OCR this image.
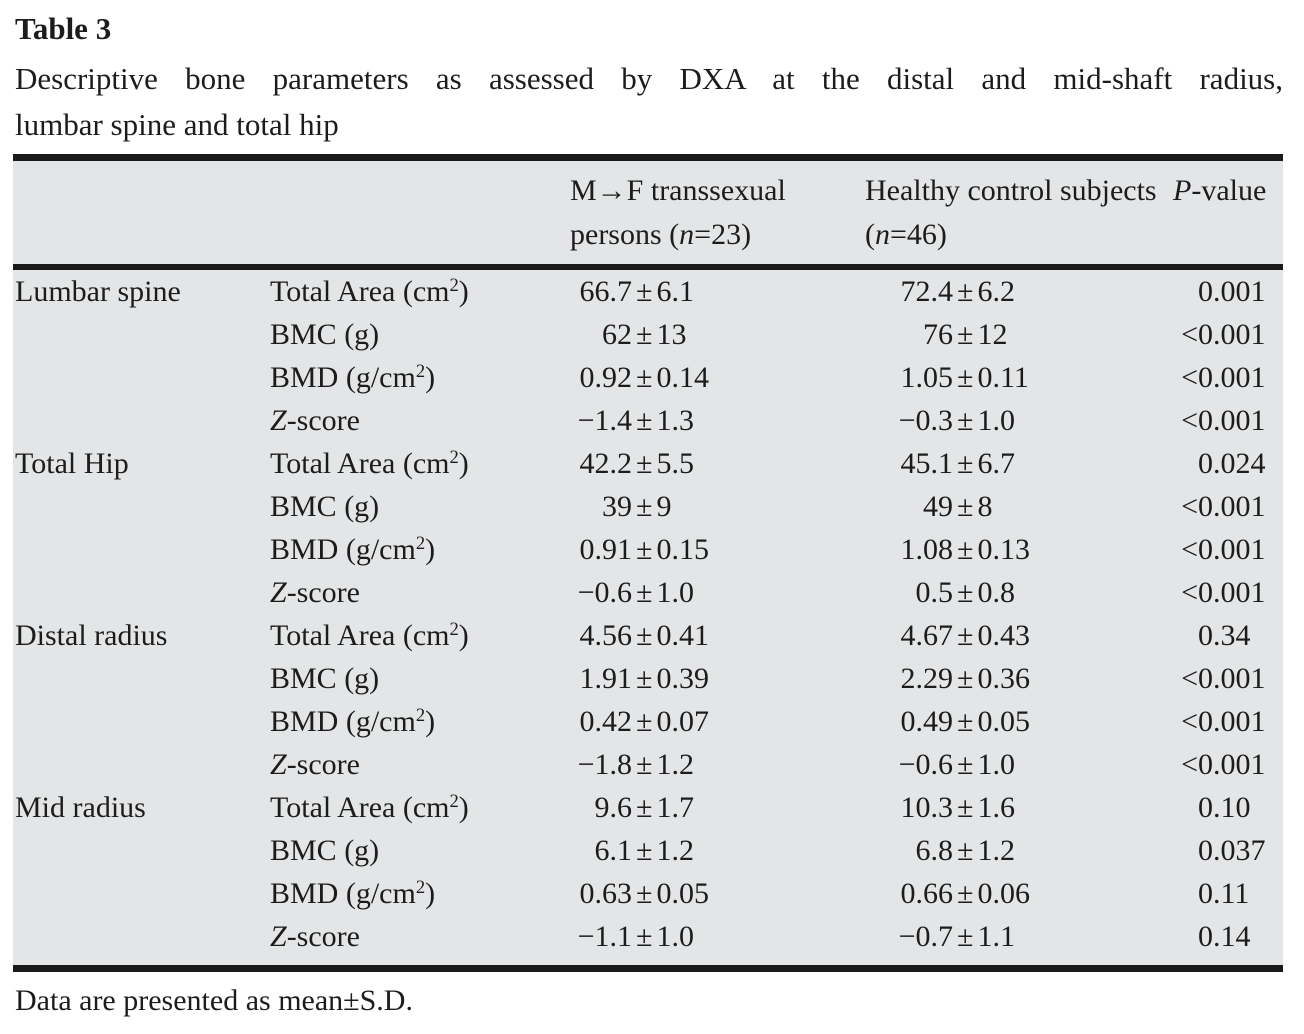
Table 3
Descriptive bone parameters as assessed by DXA at the distal and mid-shaft radius,
lumbar spine and total hip
		M→F transsexual persons (n=23)	Healthy control subjects (n=46)	P-value
Lumbar spine	Total Area $(cm^2)$	66.7 ± 6.1	72.4 ± 6.2	0.001
	BMC (g)	62 ± 13	76 ± 12	<0.001
	BMD $(g/cm^2)$	0.92 ± 0.14	1.05 ± 0.11	<0.001
	Z-score	−1.4 ± 1.3	−0.3 ± 1.0	<0.001
Total Hip	Total Area $(cm^2)$	42.2 ± 5.5	45.1 ± 6.7	0.024
	BMC (g)	39 ± 9	49 ± 8	<0.001
	BMD $(g/cm^2)$	0.91 ± 0.15	1.08 ± 0.13	<0.001
	Z-score	−0.6 ± 1.0	0.5 ± 0.8	<0.001
Distal radius	Total Area $(cm^2)$	4.56 ± 0.41	4.67 ± 0.43	0.34
	BMC (g)	1.91 ± 0.39	2.29 ± 0.36	<0.001
	BMD $(g/cm^2)$	0.42 ± 0.07	0.49 ± 0.05	<0.001
	Z-score	−1.8 ± 1.2	−0.6 ± 1.0	<0.001
Mid radius	Total Area $(cm^2)$	9.6 ± 1.7	10.3 ± 1.6	0.10
	BMC (g)	6.1 ± 1.2	6.8 ± 1.2	0.037
	BMD $(g/cm^2)$	0.63 ± 0.05	0.66 ± 0.06	0.11
	Z-score	−1.1 ± 1.0	−0.7 ± 1.1	0.14
Data are presented as mean±S.D.
